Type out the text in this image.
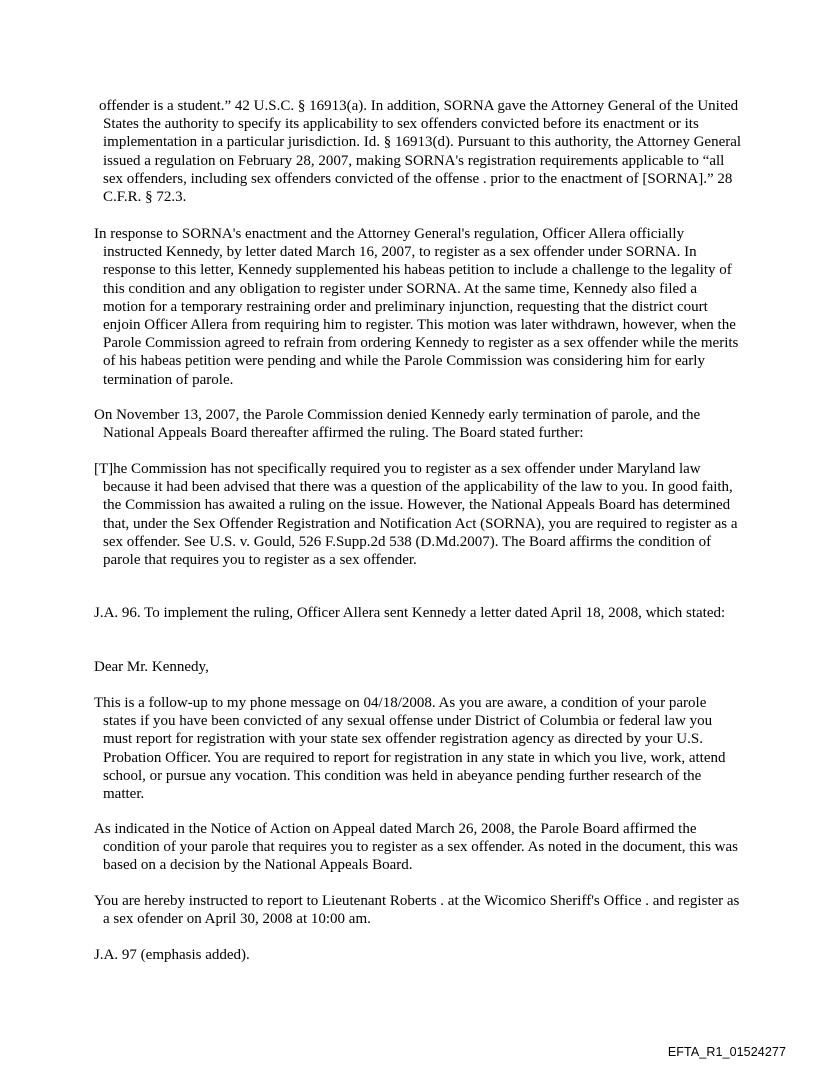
offender is a student.” 42 U.S.C. § 16913(a). In addition, SORNA gave the Attorney General of the United States the authority to specify its applicability to sex offenders convicted before its enactment or its implementation in a particular jurisdiction. Id. § 16913(d). Pursuant to this authority, the Attorney General issued a regulation on February 28, 2007, making SORNA's registration requirements applicable to “all sex offenders, including sex offenders convicted of the offense . prior to the enactment of [SORNA].” 28 C.F.R. § 72.3.

In response to SORNA's enactment and the Attorney General's regulation, Officer Allera officially instructed Kennedy, by letter dated March 16, 2007, to register as a sex offender under SORNA. In response to this letter, Kennedy supplemented his habeas petition to include a challenge to the legality of this condition and any obligation to register under SORNA. At the same time, Kennedy also filed a motion for a temporary restraining order and preliminary injunction, requesting that the district court enjoin Officer Allera from requiring him to register. This motion was later withdrawn, however, when the Parole Commission agreed to refrain from ordering Kennedy to register as a sex offender while the merits of his habeas petition were pending and while the Parole Commission was considering him for early termination of parole.

On November 13, 2007, the Parole Commission denied Kennedy early termination of parole, and the National Appeals Board thereafter affirmed the ruling. The Board stated further:

[T]he Commission has not specifically required you to register as a sex offender under Maryland law because it had been advised that there was a question of the applicability of the law to you. In good faith, the Commission has awaited a ruling on the issue. However, the National Appeals Board has determined that, under the Sex Offender Registration and Notification Act (SORNA), you are required to register as a sex offender. See U.S. v. Gould, 526 F.Supp.2d 538 (D.Md.2007). The Board affirms the condition of parole that requires you to register as a sex offender.

J.A. 96. To implement the ruling, Officer Allera sent Kennedy a letter dated April 18, 2008, which stated:

Dear Mr. Kennedy,

This is a follow-up to my phone message on 04/18/2008. As you are aware, a condition of your parole states if you have been convicted of any sexual offense under District of Columbia or federal law you must report for registration with your state sex offender registration agency as directed by your U.S. Probation Officer. You are required to report for registration in any state in which you live, work, attend school, or pursue any vocation. This condition was held in abeyance pending further research of the matter.

As indicated in the Notice of Action on Appeal dated March 26, 2008, the Parole Board affirmed the condition of your parole that requires you to register as a sex offender. As noted in the document, this was based on a decision by the National Appeals Board.

You are hereby instructed to report to Lieutenant Roberts . at the Wicomico Sheriff's Office . and register as a sex ofender on April 30, 2008 at 10:00 am.

J.A. 97 (emphasis added).

EFTA_R1_01524277
